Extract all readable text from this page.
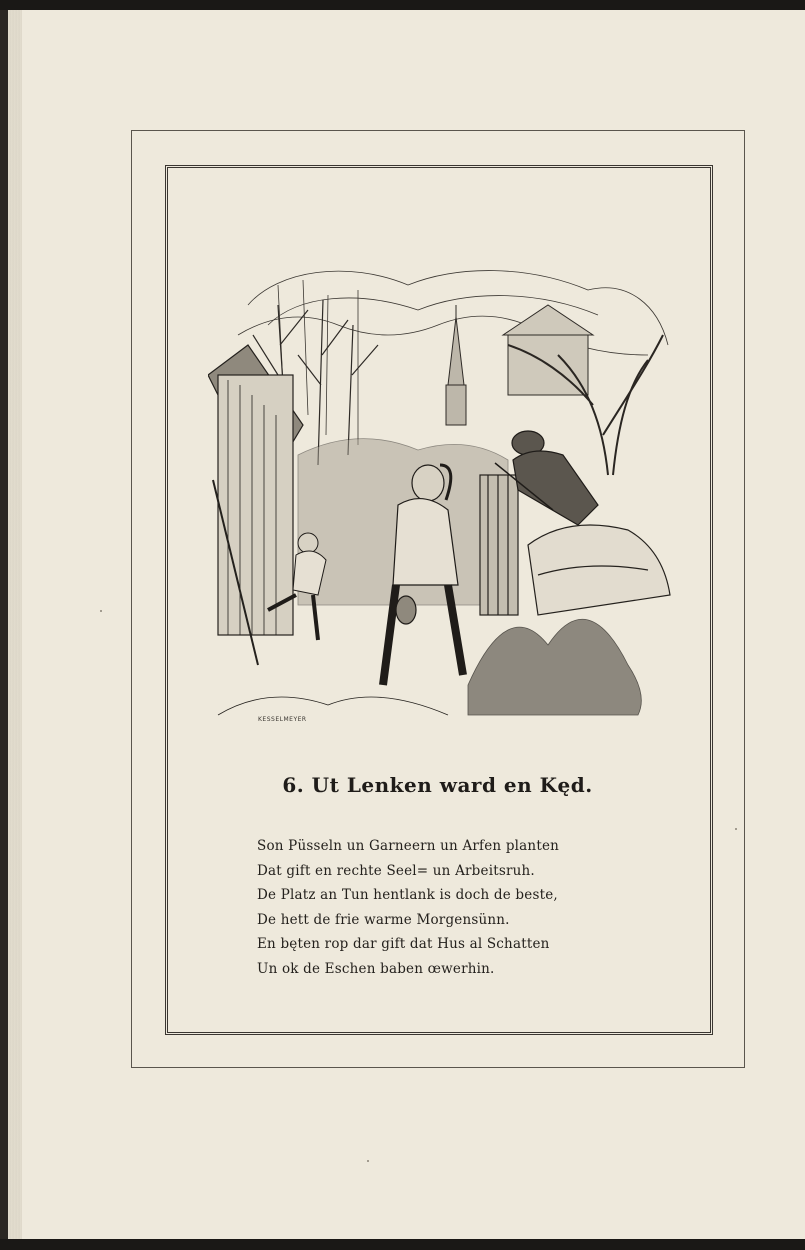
KESSELMEYER
6. Ut Lenken ward en Kęd.
Son Püsseln un Garneern un Arfen planten
Dat gift en rechte Seel= un Arbeitsruh.
De Platz an Tun hentlank is doch de beste,
De hett de frie warme Morgensünn.
En bęten rop dar gift dat Hus al Schatten
Un ok de Eschen baben œwerhin.
